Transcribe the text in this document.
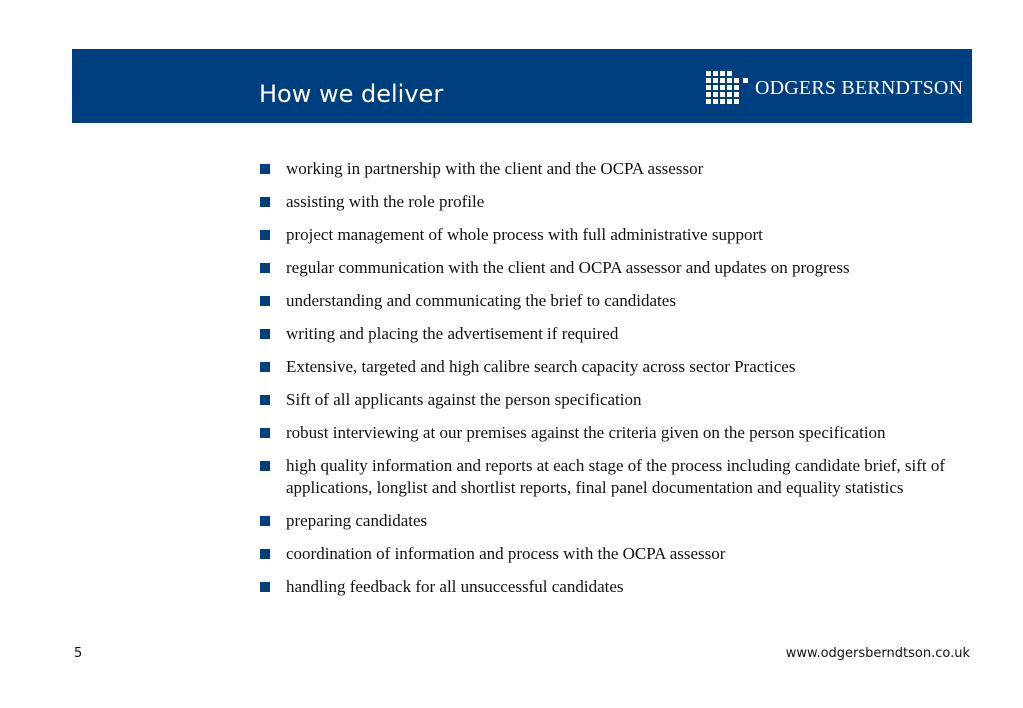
How we deliver	ODGERS BERNDTSON
working in partnership with the client and the OCPA assessor
assisting with the role profile
project management of whole process with full administrative support
regular communication with the client and OCPA assessor and updates on progress
understanding and communicating the brief to candidates
writing and placing the advertisement if required
Extensive, targeted and high calibre search capacity across sector Practices
Sift of all applicants against the person specification
robust interviewing at our premises against the criteria given on the person specification
high quality information and reports at each stage of the process including candidate brief, sift of applications, longlist and shortlist reports, final panel documentation and equality statistics
preparing candidates
coordination of information and process with the OCPA assessor
handling feedback for all unsuccessful candidates
5	www.odgersberndtson.co.uk
